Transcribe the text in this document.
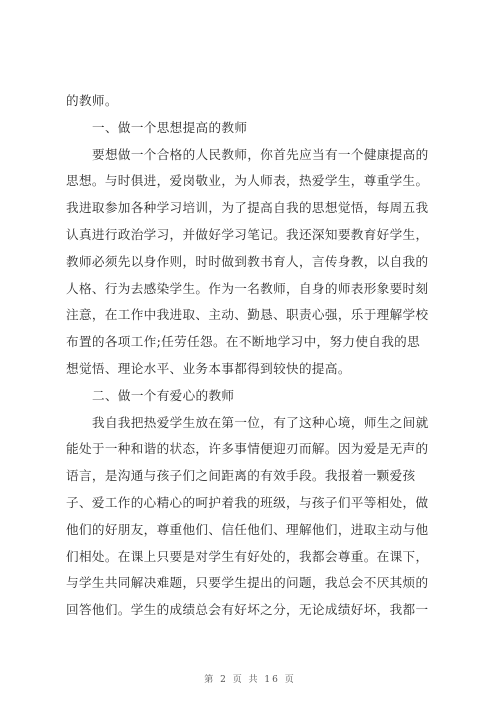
的教师。
一、做一个思想提高的教师
要想做一个合格的人民教师，你首先应当有一个健康提高的
思想。与时俱进，爱岗敬业，为人师表，热爱学生，尊重学生。
我进取参加各种学习培训，为了提高自我的思想觉悟，每周五我
认真进行政治学习，并做好学习笔记。我还深知要教育好学生，
教师必须先以身作则，时时做到教书育人，言传身教，以自我的
人格、行为去感染学生。作为一名教师，自身的师表形象要时刻
注意，在工作中我进取、主动、勤恳、职责心强，乐于理解学校
布置的各项工作;任劳任怨。在不断地学习中，努力使自我的思
想觉悟、理论水平、业务本事都得到较快的提高。
二、做一个有爱心的教师
我自我把热爱学生放在第一位，有了这种心境，师生之间就
能处于一种和谐的状态，许多事情便迎刃而解。因为爱是无声的
语言，是沟通与孩子们之间距离的有效手段。我报着一颗爱孩
子、爱工作的心精心的呵护着我的班级，与孩子们平等相处，做
他们的好朋友，尊重他们、信任他们、理解他们，进取主动与他
们相处。在课上只要是对学生有好处的，我都会尊重。在课下，
与学生共同解决难题，只要学生提出的问题，我总会不厌其烦的
回答他们。学生的成绩总会有好坏之分，无论成绩好坏，我都一
第 2 页 共 16 页
